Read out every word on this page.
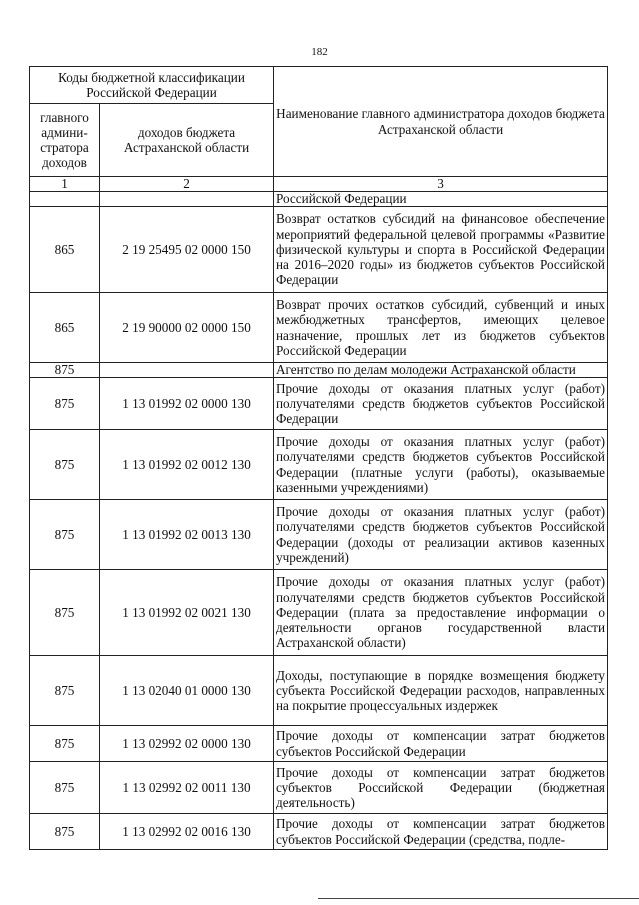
182
Коды бюджетной классификации Российской Федерации		Наименование главного администратора доходов бюджета Астраханской области
главного админи-стратора доходов	доходов бюджета Астраханской области	
1	2	3
		Российской Федерации
865	2 19 25495 02 0000 150	Возврат остатков субсидий на финансовое обеспечение мероприятий федеральной целевой программы «Развитие физической культуры и спорта в Российской Федерации на 2016–2020 годы» из бюджетов субъектов Российской Федерации
865	2 19 90000 02 0000 150	Возврат прочих остатков субсидий, субвенций и иных межбюджетных трансфертов, имеющих целевое назначение, прошлых лет из бюджетов субъектов Российской Федерации
875		Агентство по делам молодежи Астраханской области
875	1 13 01992 02 0000 130	Прочие доходы от оказания платных услуг (работ) получателями средств бюджетов субъектов Российской Федерации
875	1 13 01992 02 0012 130	Прочие доходы от оказания платных услуг (работ) получателями средств бюджетов субъектов Российской Федерации (платные услуги (работы), оказываемые казенными учреждениями)
875	1 13 01992 02 0013 130	Прочие доходы от оказания платных услуг (работ) получателями средств бюджетов субъектов Российской Федерации (доходы от реализации активов казенных учреждений)
875	1 13 01992 02 0021 130	Прочие доходы от оказания платных услуг (работ) получателями средств бюджетов субъектов Российской Федерации (плата за предоставление информации о деятельности органов государственной власти Астраханской области)
875	1 13 02040 01 0000 130	Доходы, поступающие в порядке возмещения бюджету субъекта Российской Федерации расходов, направленных на покрытие процессуальных издержек
875	1 13 02992 02 0000 130	Прочие доходы от компенсации затрат бюджетов субъектов Российской Федерации
875	1 13 02992 02 0011 130	Прочие доходы от компенсации затрат бюджетов субъектов Российской Федерации (бюджетная деятельность)
875	1 13 02992 02 0016 130	Прочие доходы от компенсации затрат бюджетов субъектов Российской Федерации (средства, подле-
